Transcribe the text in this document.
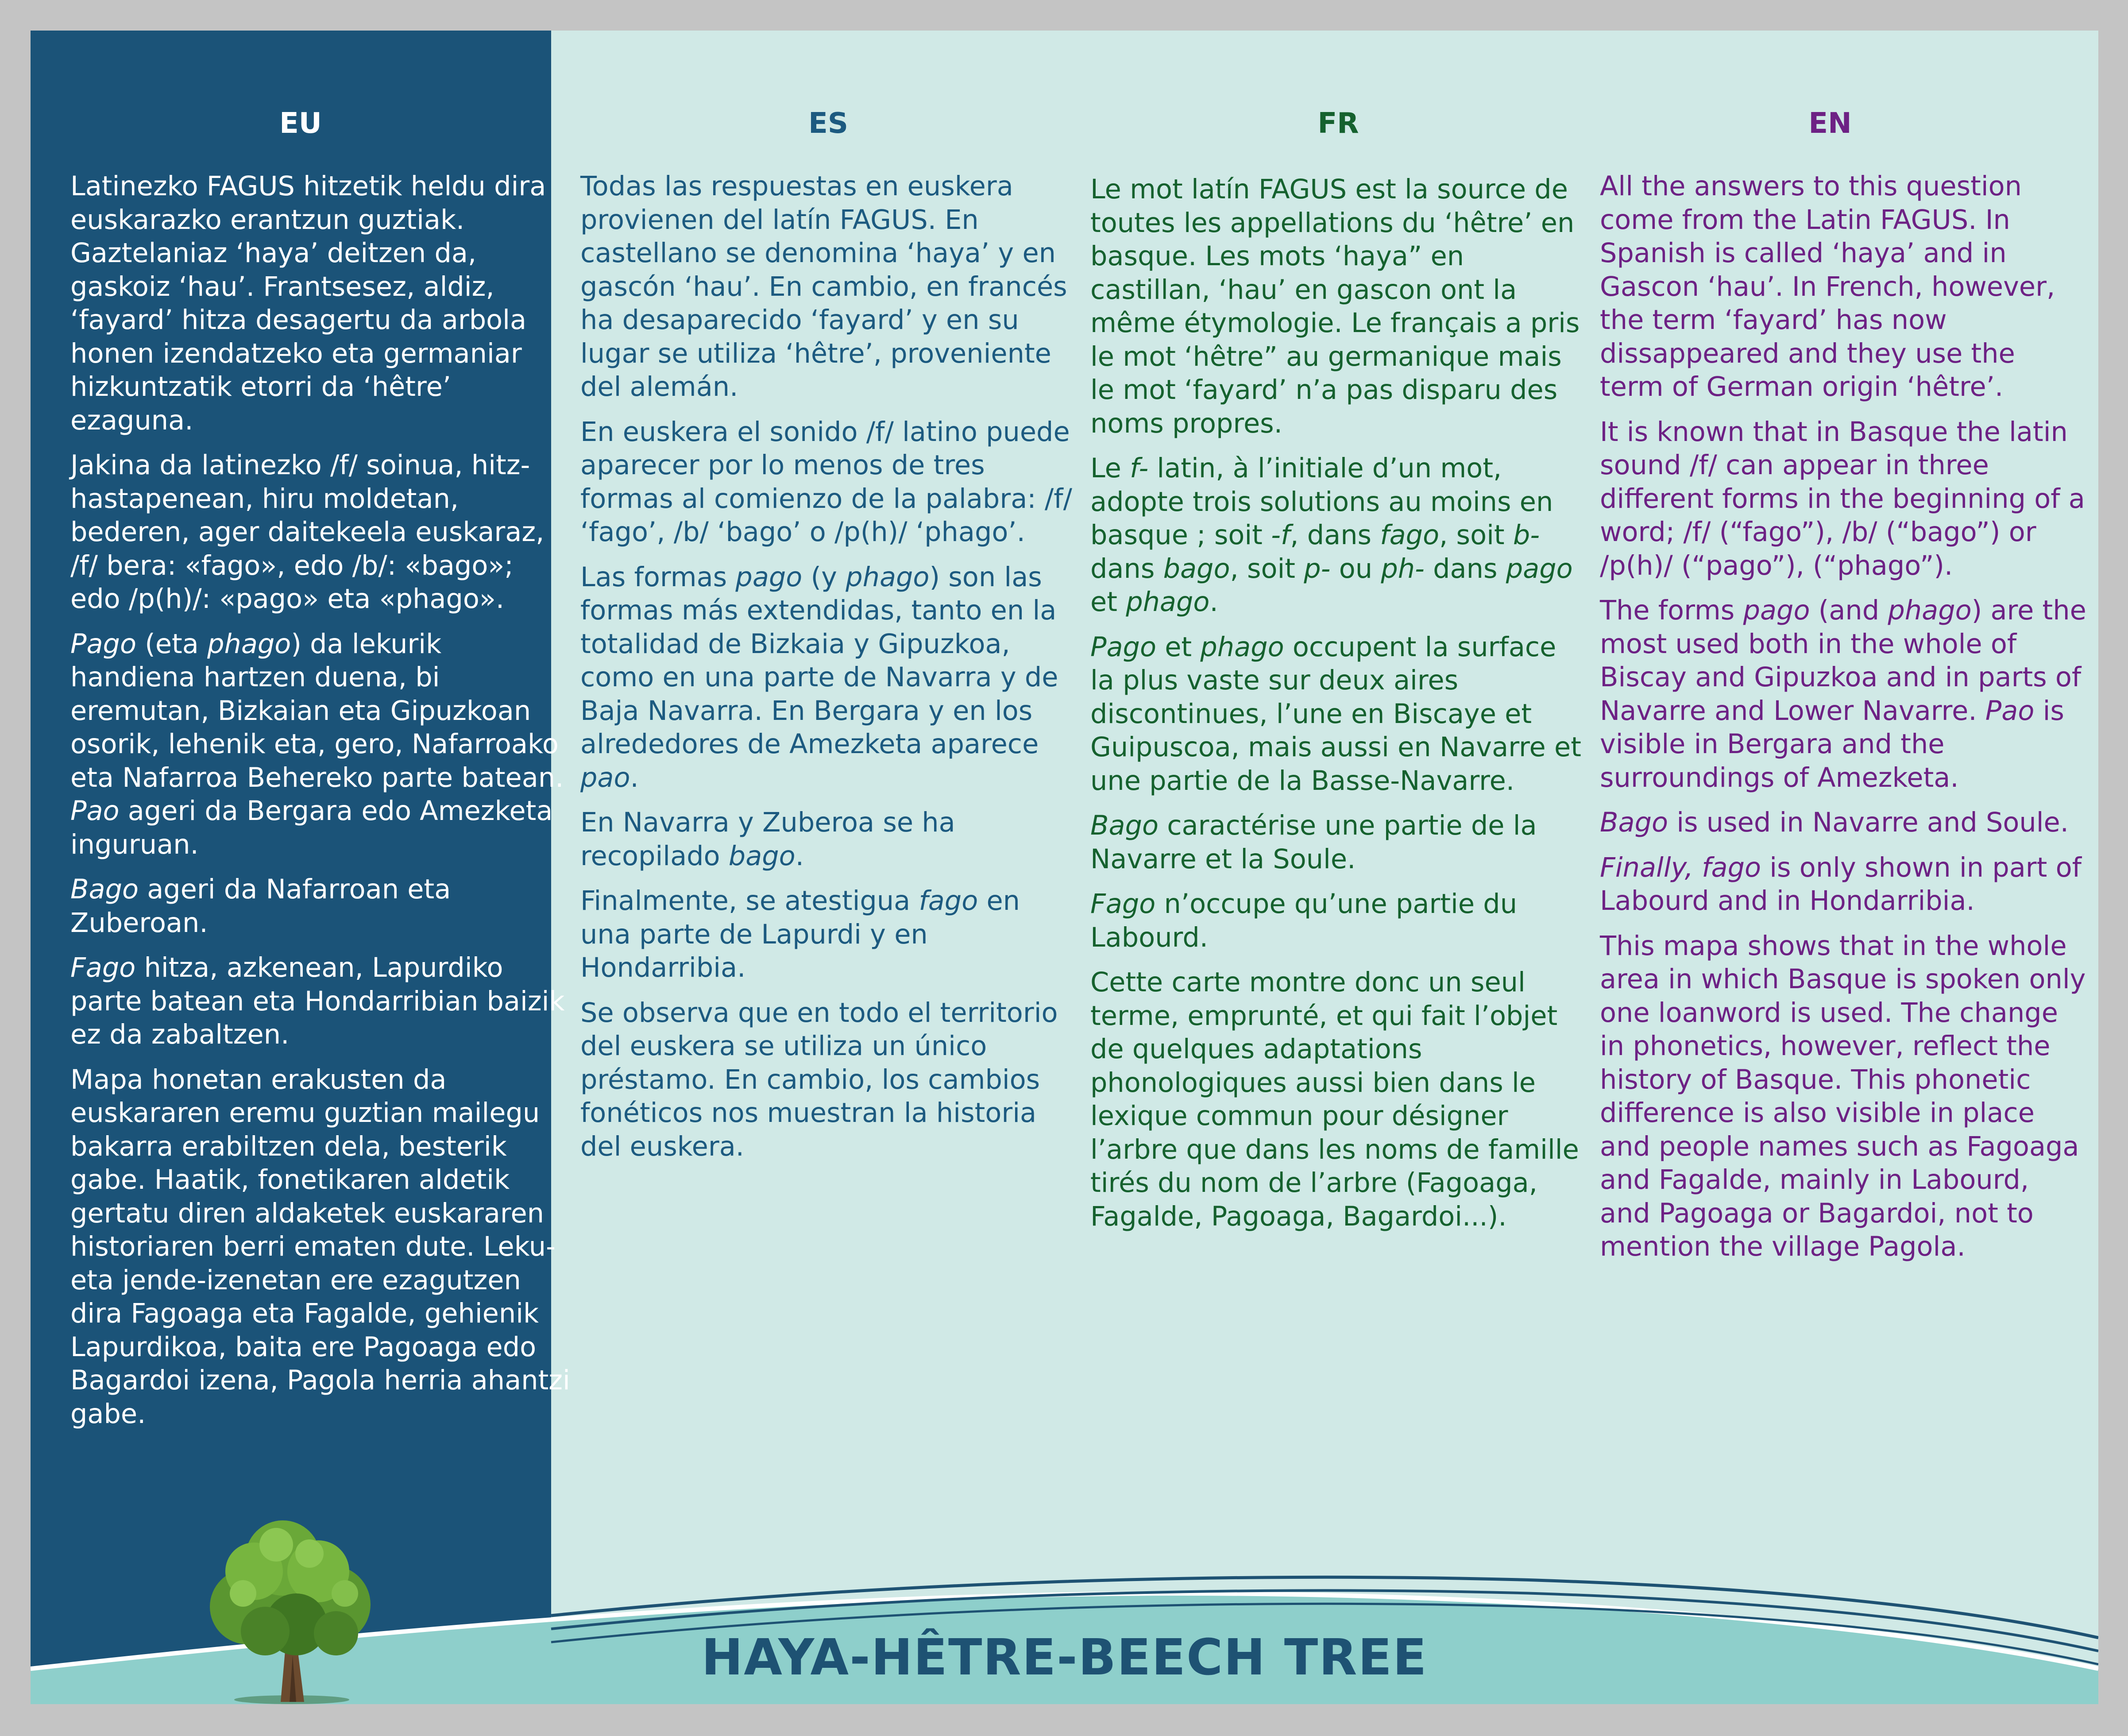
EU

Latinezko FAGUS hitzetik heldu dira euskarazko erantzun guztiak. Gaztelaniaz ‘haya’ deitzen da, gaskoiz ‘hau’. Frantsesez, aldiz, ‘fayard’ hitza desagertu da arbola honen izendatzeko eta germaniar hizkuntzatik etorri da ‘hêtre’ ezaguna.

Jakina da latinezko /f/ soinua, hitz-hastapenean, hiru moldetan, bederen, ager daitekeela euskaraz, /f/ bera: «fago», edo /b/: «bago»; edo /p(h)/: «pago» eta «phago».

Pago (eta phago) da lekurik handiena hartzen duena, bi eremutan, Bizkaian eta Gipuzkoan osorik, lehenik eta, gero, Nafarroako eta Nafarroa Behereko parte batean. Pao ageri da Bergara edo Amezketa inguruan.

Bago ageri da Nafarroan eta Zuberoan.

Fago hitza, azkenean, Lapurdiko parte batean eta Hondarribian baizik ez da zabaltzen.

Mapa honetan erakusten da euskararen eremu guztian mailegu bakarra erabiltzen dela, besterik gabe. Haatik, fonetikaren aldetik gertatu diren aldaketek euskararen historiaren berri ematen dute. Leku- eta jende-izenetan ere ezagutzen dira Fagoaga eta Fagalde, gehienik Lapurdikoa, baita ere Pagoaga edo Bagardoi izena, Pagola herria ahantzi gabe.

ES

Todas las respuestas en euskera provienen del latín FAGUS. En castellano se denomina ‘haya’ y en gascón ‘hau’. En cambio, en francés ha desaparecido ‘fayard’ y en su lugar se utiliza ‘hêtre’, proveniente del alemán.

En euskera el sonido /f/ latino puede aparecer por lo menos de tres formas al comienzo de la palabra: /f/ ‘fago’, /b/ ‘bago’ o /p(h)/ ‘phago’.

Las formas pago (y phago) son las formas más extendidas, tanto en la totalidad de Bizkaia y Gipuzkoa, como en una parte de Navarra y de Baja Navarra. En Bergara y en los alrededores de Amezketa aparece pao.

En Navarra y Zuberoa se ha recopilado bago.

Finalmente, se atestigua fago en una parte de Lapurdi y en Hondarribia.

Se observa que en todo el territorio del euskera se utiliza un único préstamo. En cambio, los cambios fonéticos nos muestran la historia del euskera.

FR

Le mot latín FAGUS est la source de toutes les appellations du ‘hêtre’ en basque. Les mots ‘haya” en castillan, ‘hau’ en gascon ont la même étymologie. Le français a pris le mot ‘hêtre” au germanique mais le mot ‘fayard’ n’a pas disparu des noms propres.

Le f- latin, à l’initiale d’un mot, adopte trois solutions au moins en basque ; soit -f, dans fago, soit b- dans bago, soit p- ou ph- dans pago et phago.

Pago et phago occupent la surface la plus vaste sur deux aires discontinues, l’une en Biscaye et Guipuscoa, mais aussi en Navarre et une partie de la Basse-Navarre.

Bago caractérise une partie de la Navarre et la Soule.

Fago n’occupe qu’une partie du Labourd.

Cette carte montre donc un seul terme, emprunté, et qui fait l’objet de quelques adaptations phonologiques aussi bien dans le lexique commun pour désigner l’arbre que dans les noms de famille tirés du nom de l’arbre (Fagoaga, Fagalde, Pagoaga, Bagardoi...).

EN

All the answers to this question come from the Latin FAGUS. In Spanish is called ‘haya’ and in Gascon ‘hau’. In French, however, the term ‘fayard’ has now dissappeared and they use the term of German origin ‘hêtre’.

It is known that in Basque the latin sound /f/ can appear in three different forms in the beginning of a word; /f/ (“fago”), /b/ (“bago”) or /p(h)/ (“pago”), (“phago”).

The forms pago (and phago) are the most used both in the whole of Biscay and Gipuzkoa and in parts of Navarre and Lower Navarre. Pao is visible in Bergara and the surroundings of Amezketa.

Bago is used in Navarre and Soule.

Finally, fago is only shown in part of Labourd and in Hondarribia.

This mapa shows that in the whole area in which Basque is spoken only one loanword is used. The change in phonetics, however, reflect the history of Basque. This phonetic difference is also visible in place and people names such as Fagoaga and Fagalde, mainly in Labourd, and Pagoaga or Bagardoi, not to mention the village Pagola.

HAYA-HÊTRE-BEECH TREE
